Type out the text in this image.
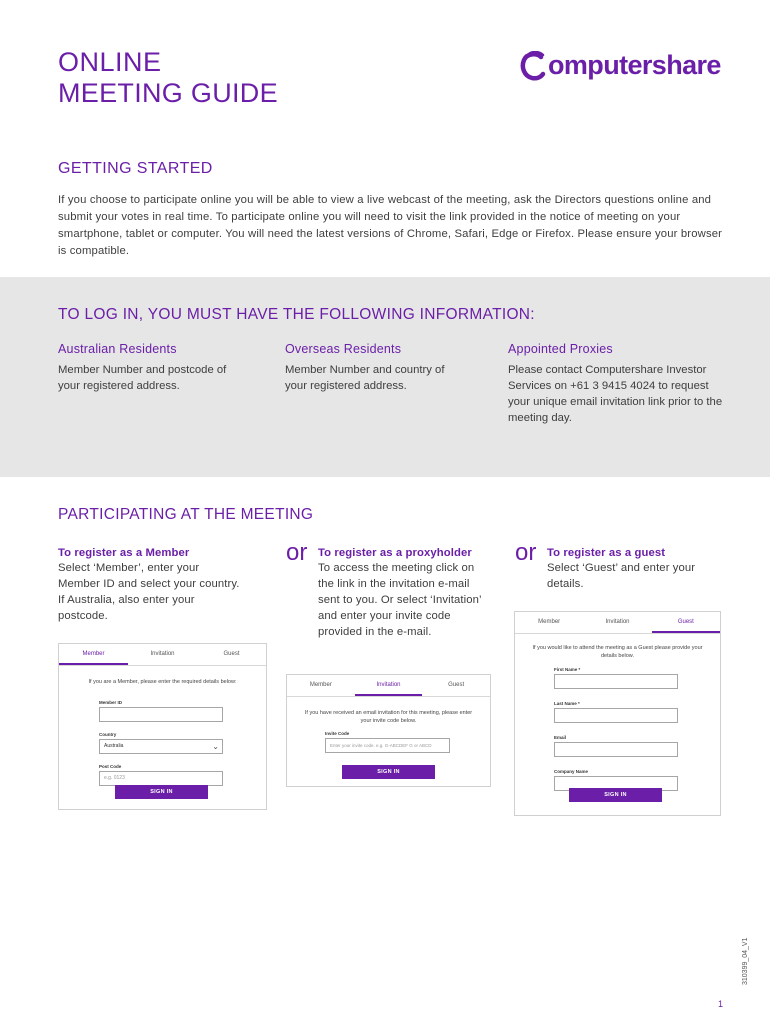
ONLINE
MEETING GUIDE
omputershare
GETTING STARTED

If you choose to participate online you will be able to view a live webcast of the meeting, ask the Directors questions online and submit your votes in real time. To participate online you will need to visit the link provided in the notice of meeting on your smartphone, tablet or computer. You will need the latest versions of Chrome, Safari, Edge or Firefox. Please ensure your browser is compatible.

TO LOG IN, YOU MUST HAVE THE FOLLOWING INFORMATION:
Australian Residents

Member Number and postcode of your registered address.

Overseas Residents

Member Number and country of your registered address.

Appointed Proxies

Please contact Computershare Investor Services on +61 3 9415 4024 to request your unique email invitation link prior to the meeting day.

PARTICIPATING AT THE MEETING
To register as a Member

Select ‘Member’, enter your Member ID and select your country. If Australia, also enter your postcode.

or To register as a proxyholder

To access the meeting click on the link in the invitation e-mail sent to you. Or select ‘Invitation’ and enter your invite code provided in the e-mail.

or To register as a guest

Select ‘Guest’ and enter your details.

Member	Invitation	Guest
If you are a Member, please enter the required details below:
Member ID
Country
Australia	⌄
Post Code
e.g. 0123
SIGN IN
Member	Invitation	Guest
If you have received an email invitation for this meeting, please enter your invite code below.
Invite Code
Enter your invite code. e.g. G-ABCDEF G or ABCD
SIGN IN
Member	Invitation	Guest
If you would like to attend the meeting as a Guest please provide your details below.
First Name *
Last Name *
Email
Company Name
SIGN IN
310399_04_V1
1
